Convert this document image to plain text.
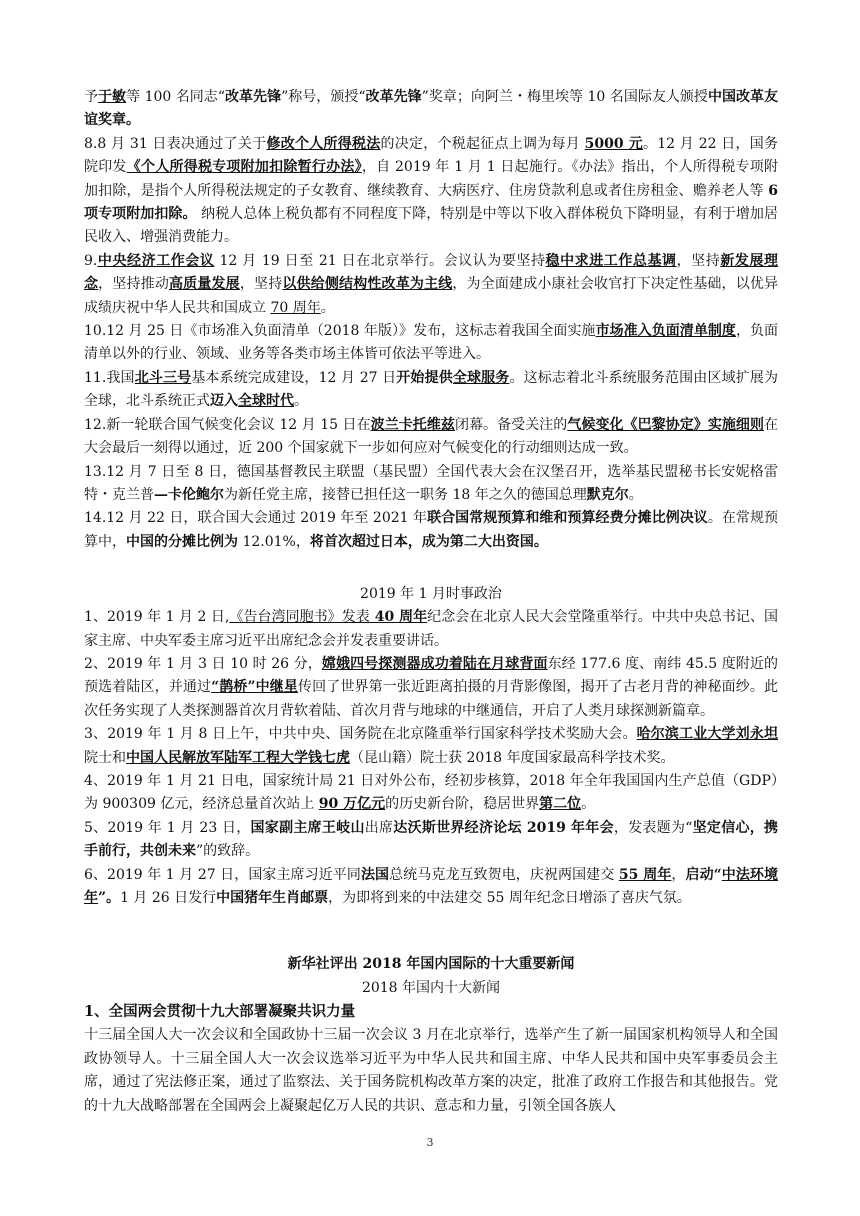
予于敏等 100 名同志“改革先锋”称号，颁授“改革先锋”奖章；向阿兰・梅里埃等 10 名国际友人颁授中国改革友谊奖章。

8.8 月 31 日表决通过了关于修改个人所得税法的决定，个税起征点上调为每月 5000 元。12 月 22 日，国务院印发《个人所得税专项附加扣除暂行办法》，自 2019 年 1 月 1 日起施行。《办法》指出，个人所得税专项附加扣除，是指个人所得税法规定的子女教育、继续教育、大病医疗、住房贷款利息或者住房租金、赡养老人等 6 项专项附加扣除。 纳税人总体上税负都有不同程度下降，特别是中等以下收入群体税负下降明显，有利于增加居民收入、增强消费能力。

9.中央经济工作会议 12 月 19 日至 21 日在北京举行。会议认为要坚持稳中求进工作总基调，坚持新发展理念，坚持推动高质量发展，坚持以供给侧结构性改革为主线，为全面建成小康社会收官打下决定性基础，以优异成绩庆祝中华人民共和国成立 70 周年。

10.12 月 25 日《市场准入负面清单（2018 年版）》发布，这标志着我国全面实施市场准入负面清单制度，负面清单以外的行业、领域、业务等各类市场主体皆可依法平等进入。

11.我国北斗三号基本系统完成建设，12 月 27 日开始提供全球服务。这标志着北斗系统服务范围由区域扩展为全球，北斗系统正式迈入全球时代。

12.新一轮联合国气候变化会议 12 月 15 日在波兰卡托维兹闭幕。备受关注的气候变化《巴黎协定》实施细则在大会最后一刻得以通过，近 200 个国家就下一步如何应对气候变化的行动细则达成一致。

13.12 月 7 日至 8 日，德国基督教民主联盟（基民盟）全国代表大会在汉堡召开，选举基民盟秘书长安妮格雷特・克兰普—卡伦鲍尔为新任党主席，接替已担任这一职务 18 年之久的德国总理默克尔。

14.12 月 22 日，联合国大会通过 2019 年至 2021 年联合国常规预算和维和预算经费分摊比例决议。在常规预算中，中国的分摊比例为 12.01%，将首次超过日本，成为第二大出资国。

2019 年 1 月时事政治

1、2019 年 1 月 2 日,《告台湾同胞书》发表 40 周年纪念会在北京人民大会堂隆重举行。中共中央总书记、国家主席、中央军委主席习近平出席纪念会并发表重要讲话。

2、2019 年 1 月 3 日 10 时 26 分，嫦娥四号探测器成功着陆在月球背面东经 177.6 度、南纬 45.5 度附近的预选着陆区，并通过“鹊桥”中继星传回了世界第一张近距离拍摄的月背影像图，揭开了古老月背的神秘面纱。此次任务实现了人类探测器首次月背软着陆、首次月背与地球的中继通信，开启了人类月球探测新篇章。

3、2019 年 1 月 8 日上午，中共中央、国务院在北京隆重举行国家科学技术奖励大会。哈尔滨工业大学刘永坦院士和中国人民解放军陆军工程大学钱七虎（昆山籍）院士获 2018 年度国家最高科学技术奖。

4、2019 年 1 月 21 日电，国家统计局 21 日对外公布，经初步核算，2018 年全年我国国内生产总值（GDP）为 900309 亿元，经济总量首次站上 90 万亿元的历史新台阶，稳居世界第二位。

5、2019 年 1 月 23 日，国家副主席王岐山出席达沃斯世界经济论坛 2019 年年会，发表题为“坚定信心，携手前行，共创未来”的致辞。

6、2019 年 1 月 27 日，国家主席习近平同法国总统马克龙互致贺电，庆祝两国建交 55 周年，启动“中法环境年”。1 月 26 日发行中国猪年生肖邮票，为即将到来的中法建交 55 周年纪念日增添了喜庆气氛。

新华社评出 2018 年国内国际的十大重要新闻
2018 年国内十大新闻
1、全国两会贯彻十九大部署凝聚共识力量

十三届全国人大一次会议和全国政协十三届一次会议 3 月在北京举行，选举产生了新一届国家机构领导人和全国政协领导人。十三届全国人大一次会议选举习近平为中华人民共和国主席、中华人民共和国中央军事委员会主席，通过了宪法修正案，通过了监察法、关于国务院机构改革方案的决定，批准了政府工作报告和其他报告。党的十九大战略部署在全国两会上凝聚起亿万人民的共识、意志和力量，引领全国各族人

3
